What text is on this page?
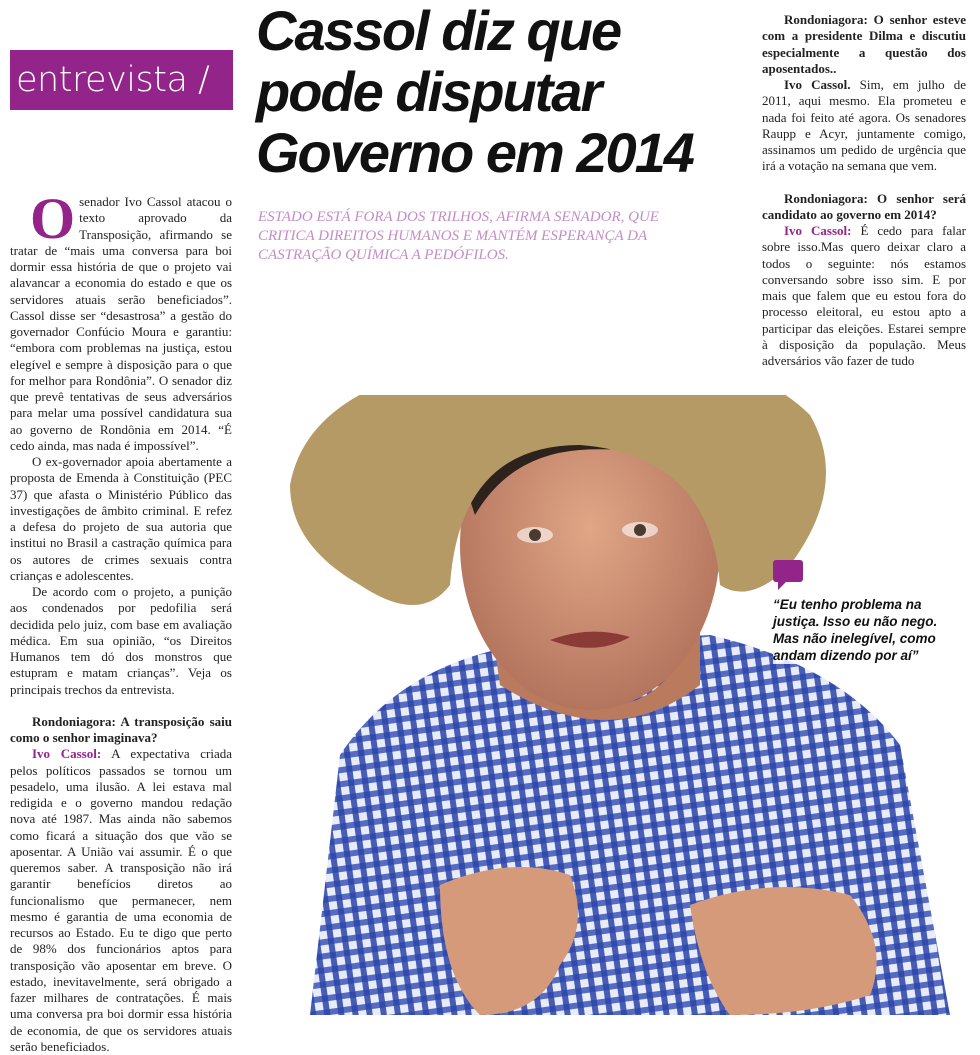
entrevista /
Cassol diz que
pode disputar
Governo em 2014
ESTADO ESTÁ FORA DOS TRILHOS, AFIRMA SENADOR, QUE CRITICA DIREITOS HUMANOS E MANTÉM ESPERANÇA DA CASTRAÇÃO QUÍMICA A PEDÓFILOS.

Osenador Ivo Cassol atacou o texto aprovado da Transposição, afirmando se tratar de “mais uma conversa para boi dormir essa história de que o projeto vai alavancar a economia do estado e que os servidores atuais serão beneficiados”. Cassol disse ser “desastrosa” a gestão do governador Confúcio Moura e garantiu: “embora com problemas na justiça, estou elegível e sempre à disposição para o que for melhor para Rondônia”. O senador diz que prevê tentativas de seus adversários para melar uma possível candidatura sua ao governo de Rondônia em 2014. “É cedo ainda, mas nada é impossível”.

O ex-governador apoia abertamente a proposta de Emenda à Constituição (PEC 37) que afasta o Ministério Público das investigações de âmbito criminal. E refez a defesa do projeto de sua autoria que institui no Brasil a castração química para os autores de crimes sexuais contra crianças e adolescentes.

De acordo com o projeto, a punição aos condenados por pedofilia será decidida pelo juiz, com base em avaliação médica. Em sua opinião, “os Direitos Humanos tem dó dos monstros que estupram e matam crianças”. Veja os principais trechos da entrevista.

Rondoniagora: A transposição saiu como o senhor imaginava?

Ivo Cassol: A expectativa criada pelos políticos passados se tornou um pesadelo, uma ilusão. A lei estava mal redigida e o governo mandou redação nova até 1987. Mas ainda não sabemos como ficará a situação dos que vão se aposentar. A União vai assumir. É o que queremos saber. A transposição não irá garantir benefícios diretos ao funcionalismo que permanecer, nem mesmo é garantia de uma economia de recursos ao Estado. Eu te digo que perto de 98% dos funcionários aptos para transposição vão aposentar em breve. O estado, inevitavelmente, será obrigado a fazer milhares de contratações. É mais uma conversa pra boi dormir essa história de economia, de que os servidores atuais serão beneficiados.

Rondoniagora: O senhor esteve com a presidente Dilma e discutiu especialmente a questão dos aposentados..

Ivo Cassol. Sim, em julho de 2011, aqui mesmo. Ela prometeu e nada foi feito até agora. Os senadores Raupp e Acyr, juntamente comigo, assinamos um pedido de urgência que irá a votação na semana que vem.

Rondoniagora: O senhor será candidato ao governo em 2014?

Ivo Cassol: É cedo para falar sobre isso.Mas quero deixar claro a todos o seguinte: nós estamos conversando sobre isso sim. E por mais que falem que eu estou fora do processo eleitoral, eu estou apto a participar das eleições. Estarei sempre à disposição da população. Meus adversários vão fazer de tudo

“Eu tenho problema na justiça. Isso eu não nego. Mas não inelegível, como andam dizendo por aí”
